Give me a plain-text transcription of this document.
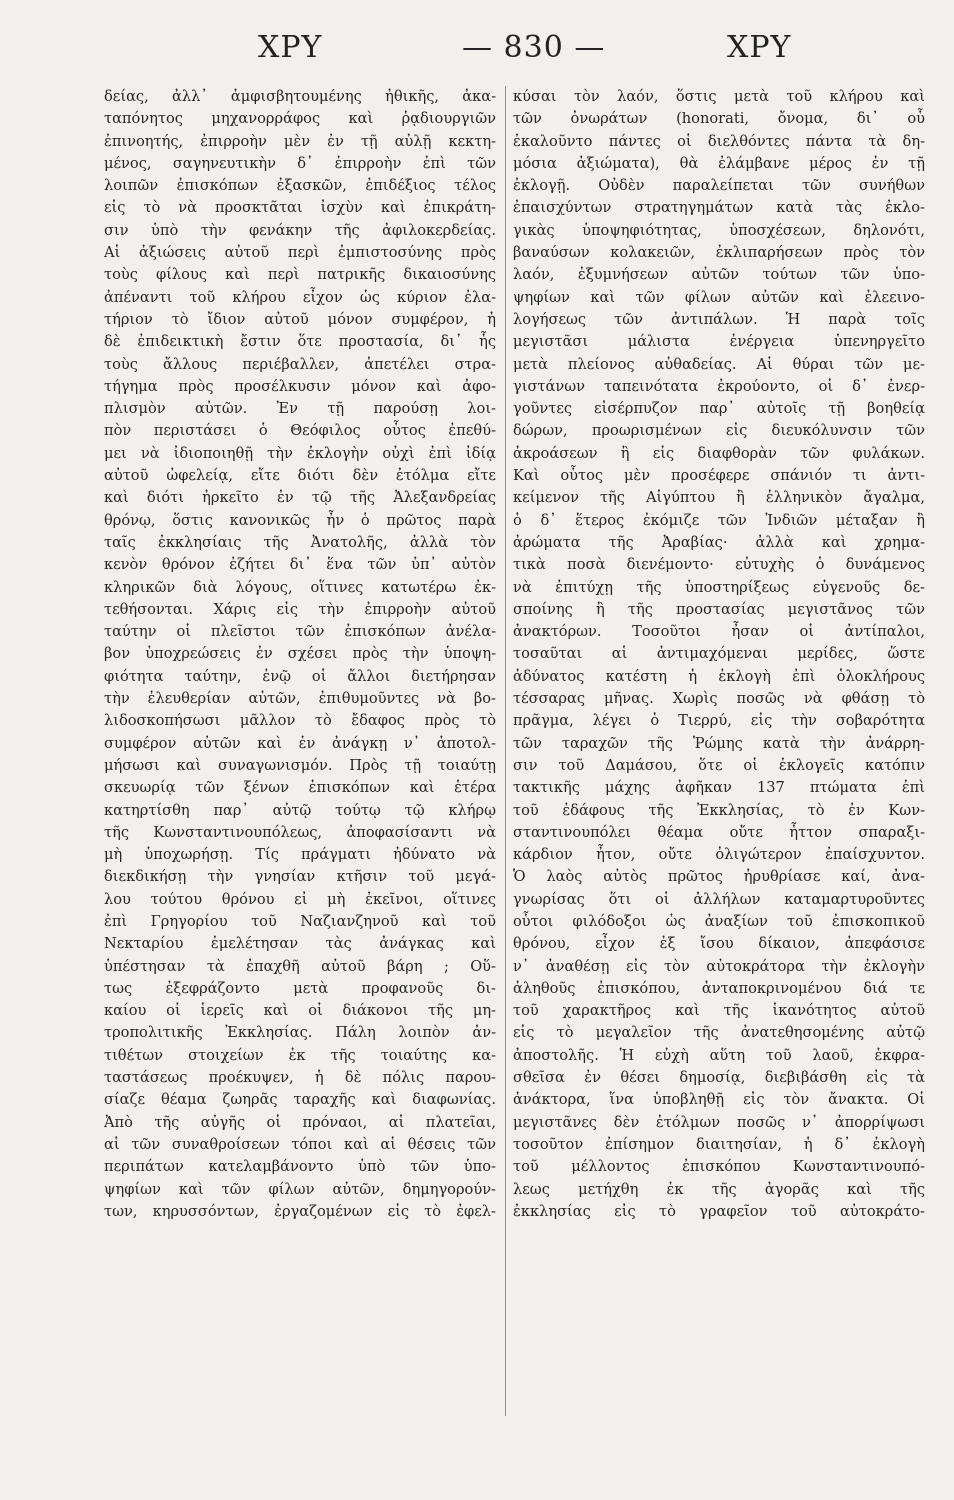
ΧΡΥ	— 830 —	ΧΡΥ
δείας, ἀλλ᾽ ἀμφισβητουμένης ἠθικῆς, ἀκα-
ταπόνητος μηχανορράφος καὶ ῥᾳδιουργιῶν
ἐπινοητής, ἐπιρροὴν μὲν ἐν τῇ αὐλῇ κεκτη-
μένος, σαγηνευτικὴν δ᾽ ἐπιρροὴν ἐπὶ τῶν
λοιπῶν ἐπισκόπων ἐξασκῶν, ἐπιδέξιος τέλος
εἰς τὸ νὰ προσκτᾶται ἰσχὺν καὶ ἐπικράτη-
σιν ὑπὸ τὴν φενάκην τῆς ἀφιλοκερδείας.
Αἱ ἀξιώσεις αὐτοῦ περὶ ἐμπιστοσύνης πρὸς
τοὺς φίλους καὶ περὶ πατρικῆς δικαιοσύνης
ἀπέναντι τοῦ κλήρου εἶχον ὡς κύριον ἐλα-
τήριον τὸ ἴδιον αὐτοῦ μόνον συμφέρον, ἡ
δὲ ἐπιδεικτικὴ ἔστιν ὅτε προστασία, δι᾽ ἧς
τοὺς ἄλλους περιέβαλλεν, ἀπετέλει στρα-
τήγημα πρὸς προσέλκυσιν μόνον καὶ ἀφο-
πλισμὸν αὐτῶν. Ἐν τῇ παρούσῃ λοι-
πὸν περιστάσει ὁ Θεόφιλος οὗτος ἐπεθύ-
μει νὰ ἰδιοποιηθῇ τὴν ἐκλογὴν οὐχὶ ἐπὶ ἰδίᾳ
αὐτοῦ ὠφελείᾳ, εἴτε διότι δὲν ἐτόλμα εἴτε
καὶ διότι ἠρκεῖτο ἐν τῷ τῆς Ἀλεξανδρείας
θρόνῳ, ὅστις κανονικῶς ἦν ὁ πρῶτος παρὰ
ταῖς ἐκκλησίαις τῆς Ἀνατολῆς, ἀλλὰ τὸν
κενὸν θρόνον ἐζήτει δι᾽ ἕνα τῶν ὑπ᾽ αὐτὸν
κληρικῶν διὰ λόγους, οἵτινες κατωτέρω ἐκ-
τεθήσονται. Χάρις εἰς τὴν ἐπιρροὴν αὐτοῦ
ταύτην οἱ πλεῖστοι τῶν ἐπισκόπων ἀνέλα-
βον ὑποχρεώσεις ἐν σχέσει πρὸς τὴν ὑποψη-
φιότητα ταύτην, ἐνῷ οἱ ἄλλοι διετήρησαν
τὴν ἐλευθερίαν αὐτῶν, ἐπιθυμοῦντες νὰ βο-
λιδοσκοπήσωσι μᾶλλον τὸ ἔδαφος πρὸς τὸ
συμφέρον αὐτῶν καὶ ἐν ἀνάγκῃ ν᾽ ἀποτολ-
μήσωσι καὶ συναγωνισμόν. Πρὸς τῇ τοιαύτῃ
σκευωρίᾳ τῶν ξένων ἐπισκόπων καὶ ἑτέρα
κατηρτίσθη παρ᾽ αὐτῷ τούτῳ τῷ κλήρῳ
τῆς Κωνσταντινουπόλεως, ἀποφασίσαντι νὰ
μὴ ὑποχωρήσῃ. Τίς πράγματι ἠδύνατο νὰ
διεκδικήσῃ τὴν γνησίαν κτῆσιν τοῦ μεγά-
λου τούτου θρόνου εἰ μὴ ἐκεῖνοι, οἵτινες
ἐπὶ Γρηγορίου τοῦ Ναζιανζηνοῦ καὶ τοῦ
Νεκταρίου ἐμελέτησαν τὰς ἀνάγκας καὶ
ὑπέστησαν τὰ ἐπαχθῆ αὐτοῦ βάρη ; Οὕ-
τως ἐξεφράζοντο μετὰ προφανοῦς δι-
καίου οἱ ἱερεῖς καὶ οἱ διάκονοι τῆς μη-
τροπολιτικῆς Ἐκκλησίας. Πάλη λοιπὸν ἀν-
τιθέτων στοιχείων ἐκ τῆς τοιαύτης κα-
ταστάσεως προέκυψεν, ἡ δὲ πόλις παρου-
σίαζε θέαμα ζωηρᾶς ταραχῆς καὶ διαφωνίας.
Ἀπὸ τῆς αὐγῆς οἱ πρόναοι, αἱ πλατεῖαι,
αἱ τῶν συναθροίσεων τόποι καὶ αἱ θέσεις τῶν
περιπάτων κατελαμβάνοντο ὑπὸ τῶν ὑπο-
ψηφίων καὶ τῶν φίλων αὐτῶν, δημηγορούν-
των, κηρυσσόντων, ἐργαζομένων εἰς τὸ ἐφελ-
κύσαι τὸν λαόν, ὅστις μετὰ τοῦ κλήρου καὶ
τῶν ὀνωράτων (honorati, ὄνομα, δι᾽ οὗ
ἐκαλοῦντο πάντες οἱ διελθόντες πάντα τὰ δη-
μόσια ἀξιώματα), θὰ ἐλάμβανε μέρος ἐν τῇ
ἐκλογῇ. Οὐδὲν παραλείπεται τῶν συνήθων
ἐπαισχύντων στρατηγημάτων κατὰ τὰς ἐκλο-
γικὰς ὑποψηφιότητας, ὑποσχέσεων, δηλονότι,
βαναύσων κολακειῶν, ἐκλιπαρήσεων πρὸς τὸν
λαόν, ἐξυμνήσεων αὐτῶν τούτων τῶν ὑπο-
ψηφίων καὶ τῶν φίλων αὐτῶν καὶ ἐλεεινο-
λογήσεως τῶν ἀντιπάλων. Ἡ παρὰ τοῖς
μεγιστᾶσι μάλιστα ἐνέργεια ὑπενηργεῖτο
μετὰ πλείονος αὐθαδείας. Αἱ θύραι τῶν με-
γιστάνων ταπεινότατα ἐκρούοντο, οἱ δ᾽ ἐνερ-
γοῦντες εἰσέρπυζον παρ᾽ αὐτοῖς τῇ βοηθείᾳ
δώρων, προωρισμένων εἰς διευκόλυνσιν τῶν
ἀκροάσεων ἢ εἰς διαφθορὰν τῶν φυλάκων.
Καὶ οὗτος μὲν προσέφερε σπάνιόν τι ἀντι-
κείμενον τῆς Αἰγύπτου ἢ ἑλληνικὸν ἄγαλμα,
ὁ δ᾽ ἕτερος ἐκόμιζε τῶν Ἰνδιῶν μέταξαν ἢ
ἀρώματα τῆς Ἀραβίας· ἀλλὰ καὶ χρημα-
τικὰ ποσὰ διενέμοντο· εὐτυχὴς ὁ δυνάμενος
νὰ ἐπιτύχῃ τῆς ὑποστηρίξεως εὐγενοῦς δε-
σποίνης ἢ τῆς προστασίας μεγιστᾶνος τῶν
ἀνακτόρων. Τοσοῦτοι ἦσαν οἱ ἀντίπαλοι,
τοσαῦται αἱ ἀντιμαχόμεναι μερίδες, ὥστε
ἀδύνατος κατέστη ἡ ἐκλογὴ ἐπὶ ὁλοκλήρους
τέσσαρας μῆνας. Χωρὶς ποσῶς νὰ φθάσῃ τὸ
πρᾶγμα, λέγει ὁ Τιερρύ, εἰς τὴν σοβαρότητα
τῶν ταραχῶν τῆς Ῥώμης κατὰ τὴν ἀνάρρη-
σιν τοῦ Δαμάσου, ὅτε οἱ ἐκλογεῖς κατόπιν
τακτικῆς μάχης ἀφῆκαν 137 πτώματα ἐπὶ
τοῦ ἐδάφους τῆς Ἐκκλησίας, τὸ ἐν Κων-
σταντινουπόλει θέαμα οὔτε ἧττον σπαραξι-
κάρδιον ἦτον, οὔτε ὀλιγώτερον ἐπαίσχυντον.
Ὁ λαὸς αὐτὸς πρῶτος ἠρυθρίασε καί, ἀνα-
γνωρίσας ὅτι οἱ ἀλλήλων καταμαρτυροῦντες
οὗτοι φιλόδοξοι ὡς ἀναξίων τοῦ ἐπισκοπικοῦ
θρόνου, εἶχον ἐξ ἴσου δίκαιον, ἀπεφάσισε
ν᾽ ἀναθέσῃ εἰς τὸν αὐτοκράτορα τὴν ἐκλογὴν
ἀληθοῦς ἐπισκόπου, ἀνταποκρινομένου διά τε
τοῦ χαρακτῆρος καὶ τῆς ἱκανότητος αὐτοῦ
εἰς τὸ μεγαλεῖον τῆς ἀνατεθησομένης αὐτῷ
ἀποστολῆς. Ἡ εὐχὴ αὕτη τοῦ λαοῦ, ἐκφρα-
σθεῖσα ἐν θέσει δημοσίᾳ, διεβιβάσθη εἰς τὰ
ἀνάκτορα, ἵνα ὑποβληθῇ εἰς τὸν ἄνακτα. Οἱ
μεγιστᾶνες δὲν ἐτόλμων ποσῶς ν᾽ ἀπορρίψωσι
τοσοῦτον ἐπίσημον διαιτησίαν, ἡ δ᾽ ἐκλογὴ
τοῦ μέλλοντος ἐπισκόπου Κωνσταντινουπό-
λεως μετήχθη ἐκ τῆς ἀγορᾶς καὶ τῆς
ἐκκλησίας εἰς τὸ γραφεῖον τοῦ αὐτοκράτο-
